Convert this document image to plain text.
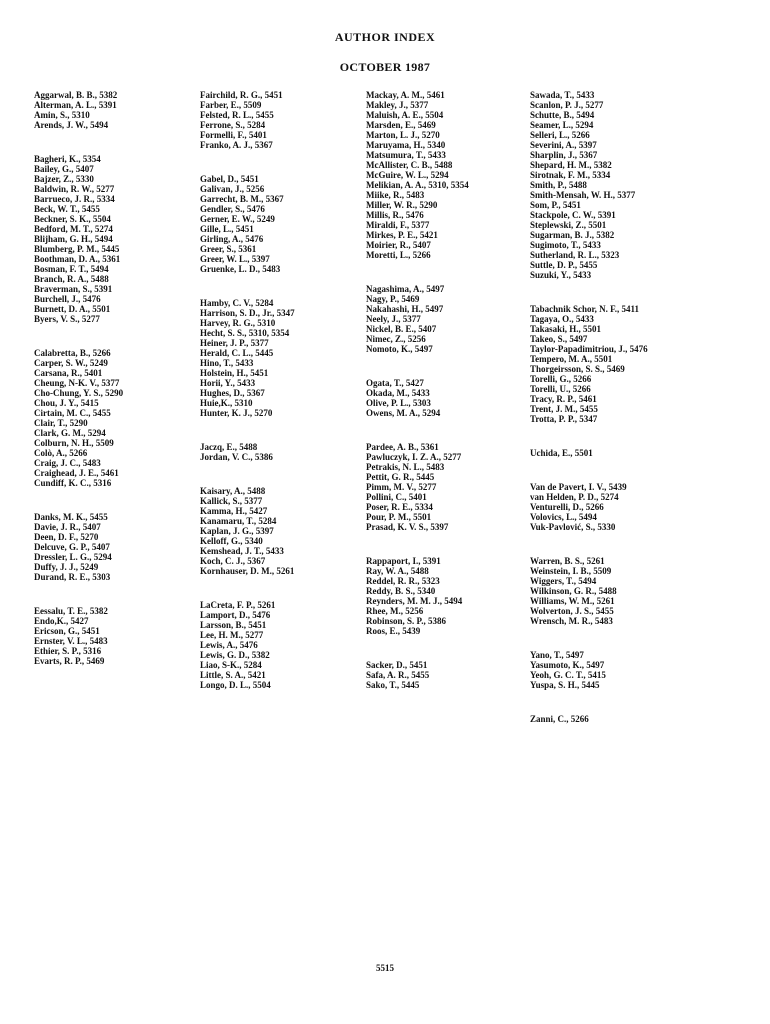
AUTHOR INDEX
OCTOBER 1987
Aggarwal, B. B., 5382
Alterman, A. L., 5391
Amin, S., 5310
Arends, J. W., 5494
Bagheri, K., 5354
Bailey, G., 5407
Bajzer, Z., 5330
Baldwin, R. W., 5277
Barrueco, J. R., 5334
Beck, W. T., 5455
Beckner, S. K., 5504
Bedford, M. T., 5274
Blijham, G. H., 5494
Blumberg, P. M., 5445
Boothman, D. A., 5361
Bosman, F. T., 5494
Branch, R. A., 5488
Braverman, S., 5391
Burchell, J., 5476
Burnett, D. A., 5501
Byers, V. S., 5277
Calabretta, B., 5266
Carper, S. W., 5249
Carsana, R., 5401
Cheung, N-K. V., 5377
Cho-Chung, Y. S., 5290
Chou, J. Y., 5415
Cirtain, M. C., 5455
Clair, T., 5290
Clark, G. M., 5294
Colburn, N. H., 5509
Colò, A., 5266
Craig, J. C., 5483
Craighead, J. E., 5461
Cundiff, K. C., 5316
Danks, M. K., 5455
Davie, J. R., 5407
Deen, D. F., 5270
Delcuve, G. P., 5407
Dressler, L. G., 5294
Duffy, J. J., 5249
Durand, R. E., 5303
Eessalu, T. E., 5382
Endo,K., 5427
Ericson, G., 5451
Ernster, V. L., 5483
Ethier, S. P., 5316
Evarts, R. P., 5469
Fairchild, R. G., 5451
Farber, E., 5509
Felsted, R. L., 5455
Ferrone, S., 5284
Formelli, F., 5401
Franko, A. J., 5367
Gabel, D., 5451
Galivan, J., 5256
Garrecht, B. M., 5367
Gendler, S., 5476
Gerner, E. W., 5249
Gille, L., 5451
Girling, A., 5476
Greer, S., 5361
Greer, W. L., 5397
Gruenke, L. D., 5483
Hamby, C. V., 5284
Harrison, S. D., Jr., 5347
Harvey, R. G., 5310
Hecht, S. S., 5310, 5354
Heiner, J. P., 5377
Herald, C. L., 5445
Hino, T., 5433
Holstein, H., 5451
Horii, Y., 5433
Hughes, D., 5367
Huie,K., 5310
Hunter, K. J., 5270
Jaczq, E., 5488
Jordan, V. C., 5386
Kaisary, A., 5488
Kallick, S., 5377
Kamma, H., 5427
Kanamaru, T., 5284
Kaplan, J. G., 5397
Kelloff, G., 5340
Kemshead, J. T., 5433
Koch, C. J., 5367
Kornhauser, D. M., 5261
LaCreta, F. P., 5261
Lamport, D., 5476
Larsson, B., 5451
Lee, H. M., 5277
Lewis, A., 5476
Lewis, G. D., 5382
Liao, S-K., 5284
Little, S. A., 5421
Longo, D. L., 5504
Mackay, A. M., 5461
Makley, J., 5377
Maluish, A. E., 5504
Marsden, E., 5469
Marton, L. J., 5270
Maruyama, H., 5340
Matsumura, T., 5433
McAllister, C. B., 5488
McGuire, W. L., 5294
Melikian, A. A., 5310, 5354
Miike, R., 5483
Miller, W. R., 5290
Millis, R., 5476
Miraldi, F., 5377
Mirkes, P. E., 5421
Moirier, R., 5407
Moretti, L., 5266
Nagashima, A., 5497
Nagy, P., 5469
Nakahashi, H., 5497
Neely, J., 5377
Nickel, B. E., 5407
Nimec, Z., 5256
Nomoto, K., 5497
Ogata, T., 5427
Okada, M., 5433
Olive, P. L., 5303
Owens, M. A., 5294
Pardee, A. B., 5361
Pawluczyk, I. Z. A., 5277
Petrakis, N. L., 5483
Pettit, G. R., 5445
Pimm, M. V., 5277
Pollini, C., 5401
Poser, R. E., 5334
Pour, P. M., 5501
Prasad, K. V. S., 5397
Rappaport, I., 5391
Ray, W. A., 5488
Reddel, R. R., 5323
Reddy, B. S., 5340
Reynders, M. M. J., 5494
Rhee, M., 5256
Robinson, S. P., 5386
Roos, E., 5439
Sacker, D., 5451
Safa, A. R., 5455
Sako, T., 5445
Sawada, T., 5433
Scanlon, P. J., 5277
Schutte, B., 5494
Seamer, L., 5294
Selleri, L., 5266
Severini, A., 5397
Sharplin, J., 5367
Shepard, H. M., 5382
Sirotnak, F. M., 5334
Smith, P., 5488
Smith-Mensah, W. H., 5377
Som, P., 5451
Stackpole, C. W., 5391
Steplewski, Z., 5501
Sugarman, B. J., 5382
Sugimoto, T., 5433
Sutherland, R. L., 5323
Suttle, D. P., 5455
Suzuki, Y., 5433
Tabachnik Schor, N. F., 5411
Tagaya, O., 5433
Takasaki, H., 5501
Takeo, S., 5497
Taylor-Papadimitriou, J., 5476
Tempero, M. A., 5501
Thorgeirsson, S. S., 5469
Torelli, G., 5266
Torelli, U., 5266
Tracy, R. P., 5461
Trent, J. M., 5455
Trotta, P. P., 5347
Uchida, E., 5501
Van de Pavert, I. V., 5439
van Helden, P. D., 5274
Venturelli, D., 5266
Volovics, L., 5494
Vuk-Pavlović, S., 5330
Warren, B. S., 5261
Weinstein, I. B., 5509
Wiggers, T., 5494
Wilkinson, G. R., 5488
Williams, W. M., 5261
Wolverton, J. S., 5455
Wrensch, M. R., 5483
Yano, T., 5497
Yasumoto, K., 5497
Yeoh, G. C. T., 5415
Yuspa, S. H., 5445
Zanni, C., 5266
5515
